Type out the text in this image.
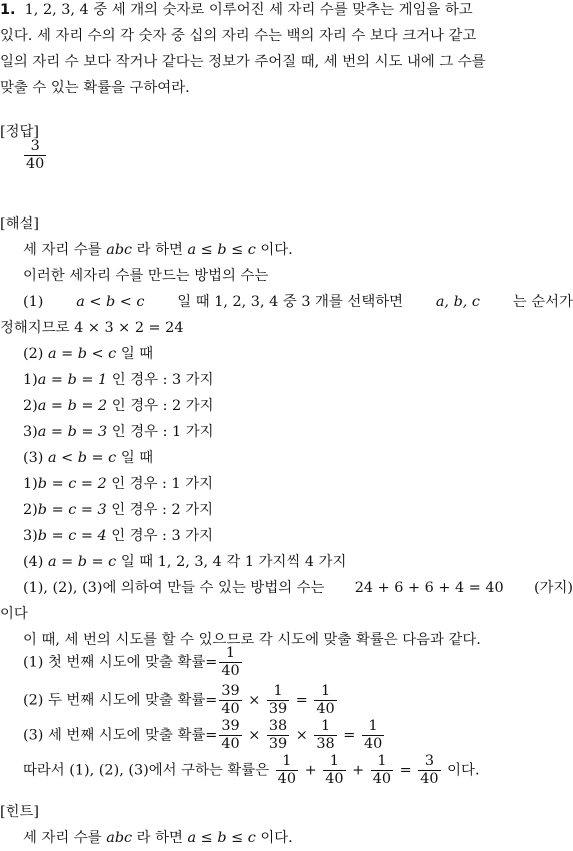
1. 1, 2, 3, 4 중 세 개의 숫자로 이루어진 세 자리 수를 맞추는 게임을 하고
있다. 세 자리 수의 각 숫자 중 십의 자리 수는 백의 자리 수 보다 크거나 같고
일의 자리 수 보다 작거나 같다는 정보가 주어질 때, 세 번의 시도 내에 그 수를
맞출 수 있는 확률을 구하여라.
[정답]
$\frac{3}{40}$
[해설]
세 자리 수를 abc 라 하면 a ≤ b ≤ c 이다.
이러한 세자리 수를 만드는 방법의 수는
(1) a < b < c 일 때 1, 2, 3, 4 중 3 개를 선택하면 a, b, c 는 순서가
정해지므로 4 × 3 × 2 = 24
(2) a = b < c 일 때
1)a = b = 1 인 경우 : 3 가지
2)a = b = 2 인 경우 : 2 가지
3)a = b = 3 인 경우 : 1 가지
(3) a < b = c 일 때
1)b = c = 2 인 경우 : 1 가지
2)b = c = 3 인 경우 : 2 가지
3)b = c = 4 인 경우 : 3 가지
(4) a = b = c 일 때 1, 2, 3, 4 각 1 가지씩 4 가지
(1), (2), (3)에 의하여 만들 수 있는 방법의 수는 24 + 6 + 6 + 4 = 40 (가지)
이다
이 때, 세 번의 시도를 할 수 있으므로 각 시도에 맞출 확률은 다음과 같다.
(1) 첫 번째 시도에 맞출 확률= $\frac{1}{40}$
(2) 두 번째 시도에 맞출 확률= $\frac{39}{40} \times \frac{1}{39} = \frac{1}{40}$
(3) 세 번째 시도에 맞출 확률= $\frac{39}{40} \times \frac{38}{39} \times \frac{1}{38} = \frac{1}{40}$
따라서 (1), (2), (3)에서 구하는 확률은 $\frac{1}{40} + \frac{1}{40} + \frac{1}{40} = \frac{3}{40}$ 이다.
[힌트]
세 자리 수를 abc 라 하면 a ≤ b ≤ c 이다.
